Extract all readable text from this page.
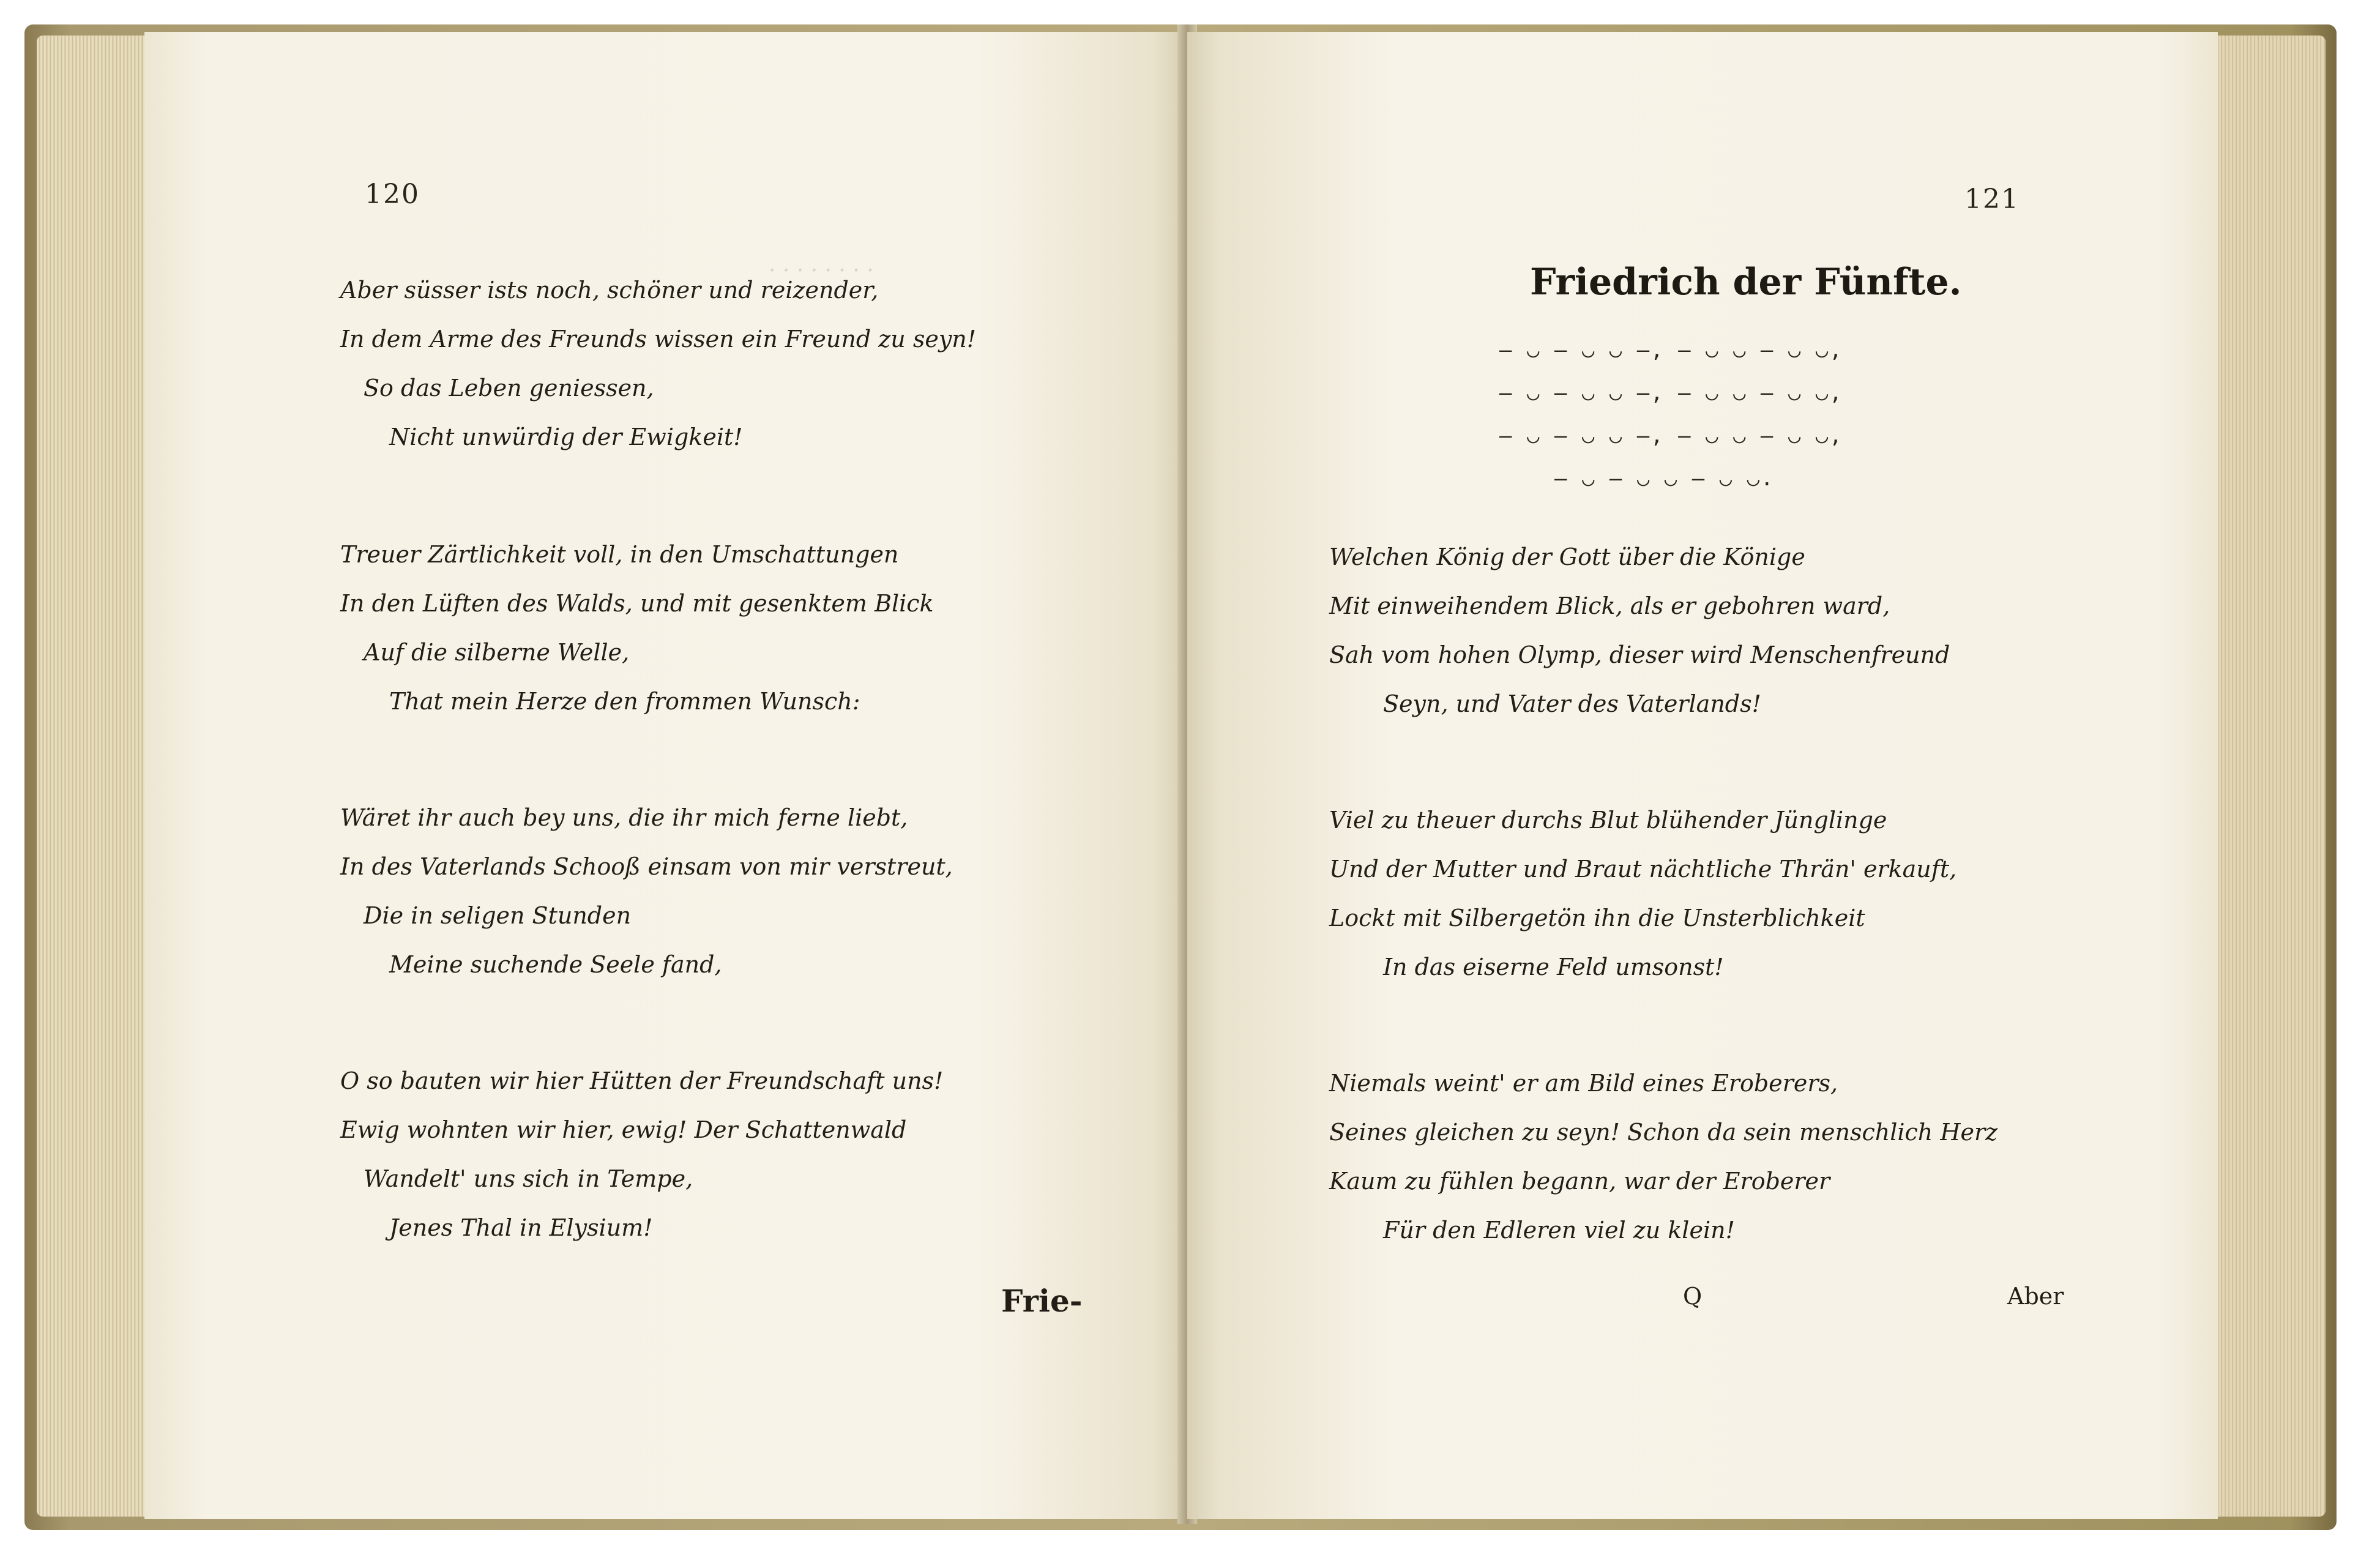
120
· · · · · · · ·
Aber süsser ists noch, schöner und reizender,
In dem Arme des Freunds wissen ein Freund zu seyn!
So das Leben geniessen,
Nicht unwürdig der Ewigkeit!
Treuer Zärtlichkeit voll, in den Umschattungen
In den Lüften des Walds, und mit gesenktem Blick
Auf die silberne Welle,
That mein Herze den frommen Wunsch:
Wäret ihr auch bey uns, die ihr mich ferne liebt,
In des Vaterlands Schooß einsam von mir verstreut,
Die in seligen Stunden
Meine suchende Seele fand,
O so bauten wir hier Hütten der Freundschaft uns!
Ewig wohnten wir hier, ewig! Der Schattenwald
Wandelt' uns sich in Tempe,
Jenes Thal in Elysium!
Frie-
121
Friedrich der Fünfte.
— ◡ — ◡ ◡ —, — ◡ ◡ — ◡ ◡,
— ◡ — ◡ ◡ —, — ◡ ◡ — ◡ ◡,
— ◡ — ◡ ◡ —, — ◡ ◡ — ◡ ◡,
— ◡ — ◡ ◡ — ◡ ◡.
Welchen König der Gott über die Könige
Mit einweihendem Blick, als er gebohren ward,
Sah vom hohen Olymp, dieser wird Menschenfreund
Seyn, und Vater des Vaterlands!
Viel zu theuer durchs Blut blühender Jünglinge
Und der Mutter und Braut nächtliche Thrän' erkauft,
Lockt mit Silbergetön ihn die Unsterblichkeit
In das eiserne Feld umsonst!
Niemals weint' er am Bild eines Eroberers,
Seines gleichen zu seyn! Schon da sein menschlich Herz
Kaum zu fühlen begann, war der Eroberer
Für den Edleren viel zu klein!
Q	Aber
